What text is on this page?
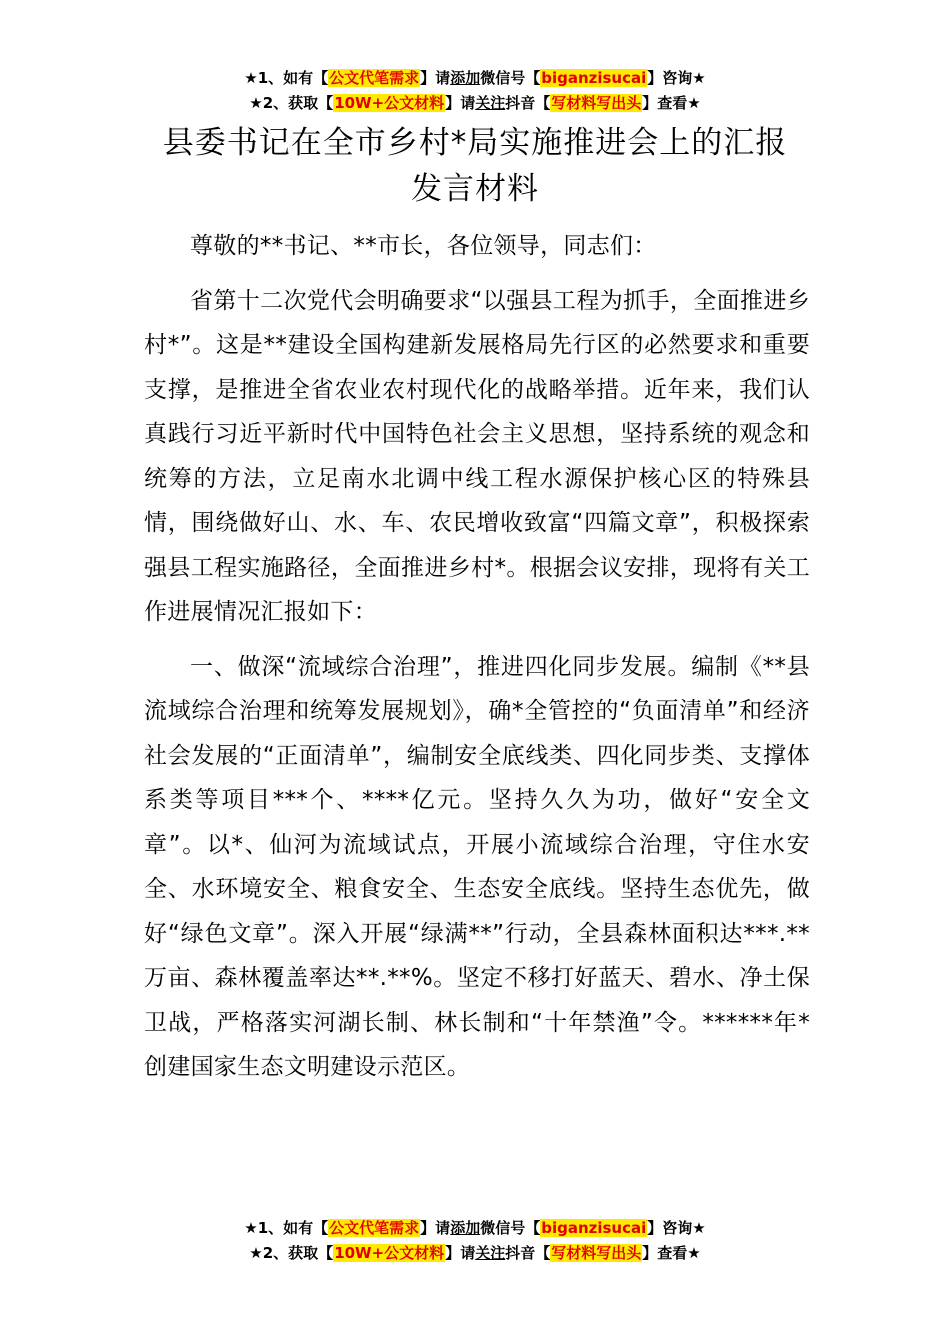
★1、如有【公文代笔需求】请添加微信号【biganzisucai】咨询★
★2、获取【10W+公文材料】请关注抖音【写材料写出头】查看★
县委书记在全市乡村*局实施推进会上的汇报
发言材料

尊敬的**书记、**市长，各位领导，同志们：

省第十二次党代会明确要求“以强县工程为抓手，全面推进乡村*”。这是**建设全国构建新发展格局先行区的必然要求和重要支撑，是推进全省农业农村现代化的战略举措。近年来，我们认真践行习近平新时代中国特色社会主义思想，坚持系统的观念和统筹的方法，立足南水北调中线工程水源保护核心区的特殊县情，围绕做好山、水、车、农民增收致富“四篇文章”，积极探索强县工程实施路径，全面推进乡村*。根据会议安排，现将有关工作进展情况汇报如下：

一、做深“流域综合治理”，推进四化同步发展。编制《**县流域综合治理和统筹发展规划》，确*全管控的“负面清单”和经济社会发展的“正面清单”，编制安全底线类、四化同步类、支撑体系类等项目***个、****亿元。坚持久久为功，做好“安全文章”。以*、仙河为流域试点，开展小流域综合治理，守住水安全、水环境安全、粮食安全、生态安全底线。坚持生态优先，做好“绿色文章”。深入开展“绿满**”行动，全县森林面积达***.**万亩、森林覆盖率达**.**%。坚定不移打好蓝天、碧水、净土保卫战，严格落实河湖长制、林长制和“十年禁渔”令。******年*创建国家生态文明建设示范区。

★1、如有【公文代笔需求】请添加微信号【biganzisucai】咨询★
★2、获取【10W+公文材料】请关注抖音【写材料写出头】查看★
